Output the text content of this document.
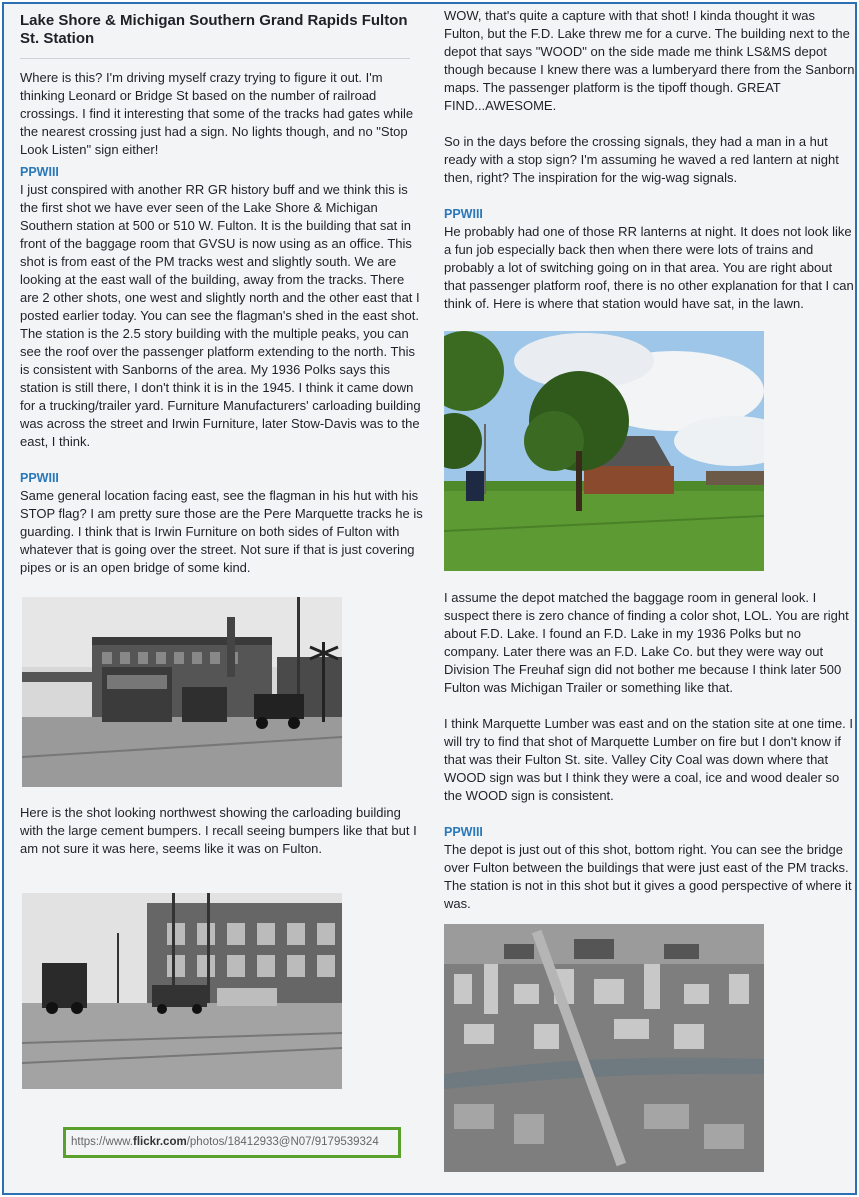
Lake Shore & Michigan Southern Grand Rapids Fulton St. Station

Where is this? I'm driving myself crazy trying to figure it out. I'm thinking Leonard or Bridge St based on the number of railroad crossings. I find it interesting that some of the tracks had gates while the nearest crossing just had a sign. No lights though, and no "Stop Look Listen" sign either!

PPWIII

I just conspired with another RR GR history buff and we think this is the first shot we have ever seen of the Lake Shore & Michigan Southern station at 500 or 510 W. Fulton. It is the building that sat in front of the baggage room that GVSU is now using as an office. This shot is from east of the PM tracks west and slightly south. We are looking at the east wall of the building, away from the tracks. There are 2 other shots, one west and slightly north and the other east that I posted earlier today. You can see the flagman's shed in the east shot. The station is the 2.5 story building with the multiple peaks, you can see the roof over the passenger platform extending to the north. This is consistent with Sanborns of the area. My 1936 Polks says this station is still there, I don't think it is in the 1945. I think it came down for a trucking/trailer yard. Furniture Manufacturers' carloading building was across the street and Irwin Furniture, later Stow-Davis was to the east, I think.

PPWIII

Same general location facing east, see the flagman in his hut with his STOP flag? I am pretty sure those are the Pere Marquette tracks he is guarding. I think that is Irwin Furniture on both sides of Fulton with whatever that is going over the street. Not sure if that is just covering pipes or is an open bridge of some kind.

Here is the shot looking northwest showing the carloading building with the large cement bumpers. I recall seeing bumpers like that but I am not sure it was here, seems like it was on Fulton.

https://www.flickr.com/photos/18412933@N07/9179539324

WOW, that's quite a capture with that shot! I kinda thought it was Fulton, but the F.D. Lake threw me for a curve. The building next to the depot that says "WOOD" on the side made me think LS&MS depot though because I knew there was a lumberyard there from the Sanborn maps. The passenger platform is the tipoff though. GREAT FIND...AWESOME.

So in the days before the crossing signals, they had a man in a hut ready with a stop sign? I'm assuming he waved a red lantern at night then, right? The inspiration for the wig-wag signals.

PPWIII

He probably had one of those RR lanterns at night. It does not look like a fun job especially back then when there were lots of trains and probably a lot of switching going on in that area. You are right about that passenger platform roof, there is no other explanation for that I can think of. Here is where that station would have sat, in the lawn.

I assume the depot matched the baggage room in general look. I suspect there is zero chance of finding a color shot, LOL. You are right about F.D. Lake. I found an F.D. Lake in my 1936 Polks but no company. Later there was an F.D. Lake Co. but they were way out Division The Freuhaf sign did not bother me because I think later 500 Fulton was Michigan Trailer or something like that.

I think Marquette Lumber was east and on the station site at one time. I will try to find that shot of Marquette Lumber on fire but I don't know if that was their Fulton St. site. Valley City Coal was down where that WOOD sign was but I think they were a coal, ice and wood dealer so the WOOD sign is consistent.

PPWIII

The depot is just out of this shot, bottom right. You can see the bridge over Fulton between the buildings that were just east of the PM tracks. The station is not in this shot but it gives a good perspective of where it was.
